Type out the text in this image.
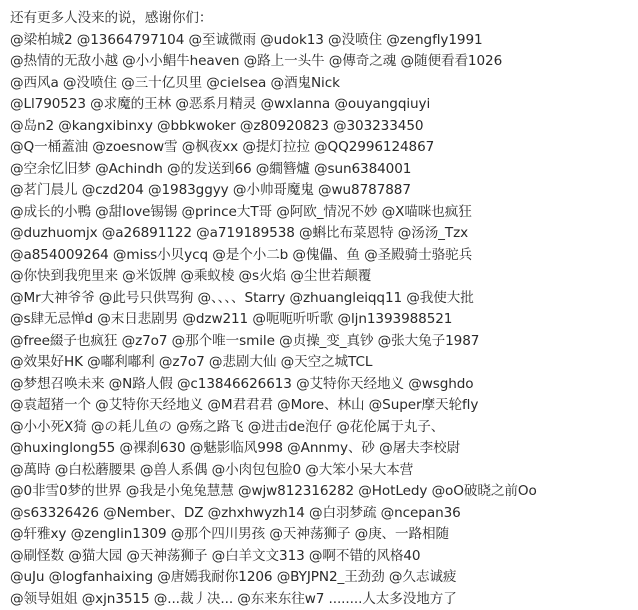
还有更多人没来的说，感谢你们：
@梁柏城2 @13664797104 @至诚微雨 @udok13 @没喷住 @zengfly1991
@热情的无敌小越 @小小鲳牛heaven @路上一头牛 @傳奇之魂 @随便看看1026
@西风a @没喷住 @三十亿贝里 @cielsea @酒鬼Nick
@Ll790523 @求魔的王林 @恶系月精灵 @wxlanna @ouyangqiuyi
@岛n2 @kangxibinxy @bbkwoker @z80920823 @303233450
@Q一桶蓋油 @zoesnow雪 @枫夜xx @提灯拉拉 @QQ2996124867
@空余忆旧梦 @Achindh @的发送到66 @繝簪爐 @sun6384001
@茗门晨儿 @czd204 @1983ggyy @小帅哥魔鬼 @wu8787887
@成长的小鴨 @甜love锡锡 @prince大T哥 @阿欧_情况不妙 @X喵咪也疯狂
@duzhuomjx @a26891122 @a719189538 @蝌比布菜恩特 @汤汤_Tzx
@a854009264 @miss小贝ycq @是个小二b @傀儡、鱼 @圣殿骑士骆驼兵
@你快到我兜里来 @米饭牌 @乘蚁棱 @s火焰 @尘世若颠覆
@Mr大神爷爷 @此号只供骂狗 @、、、、Starry @zhuangleiqq11 @我使大批
@s肆无忌惮d @末日悲剧男 @dzw211 @呃呃听听歌 @ljn1393988521
@free綴子也疯狂 @z7o7 @那个唯一smile @贞操_变_真钞 @张大兔子1987
@效果好HK @嘟利嘟利 @z7o7 @悲剧大仙 @天空之城TCL
@梦想召唤未来 @N路人假 @c13846626613 @艾特你天经地义 @wsghdo
@袁超猪一个 @艾特你天经地义 @M君君君 @More、林山 @Super摩天轮fly
@小小死X猗 @の耗儿鱼の @殇之路飞 @进击de泡仔 @花伦属于丸子、
@huxinglong55 @裸刹630 @魅影临风998 @Annmy、砂 @屠夫李校尉
@萬時 @白松蘑腰果 @兽人系偶 @小肉包包脸0 @大笨小呆大本营
@0非雪0梦的世界 @我是小兔兔慧慧 @wjw812316282 @HotLedy @oO破晓之前Oo
@s63326426 @Nember、DZ @zhxhwyzh14 @白羽梦疏 @ncepan36
@轩雅xy @zenglin1309 @那个四川男孩 @天神荡狮子 @庚、一路相随
@刷怪数 @猫大园 @天神荡狮子 @白羊文文313 @啊不错的风格40
@uJu @logfanhaixing @唐嫣我耐你1206 @BYJPN2_王劲劲 @久志诚疲
@领导姐姐 @xjn3515 @...裁丿决... @东来东往w7 ........人太多没地方了
